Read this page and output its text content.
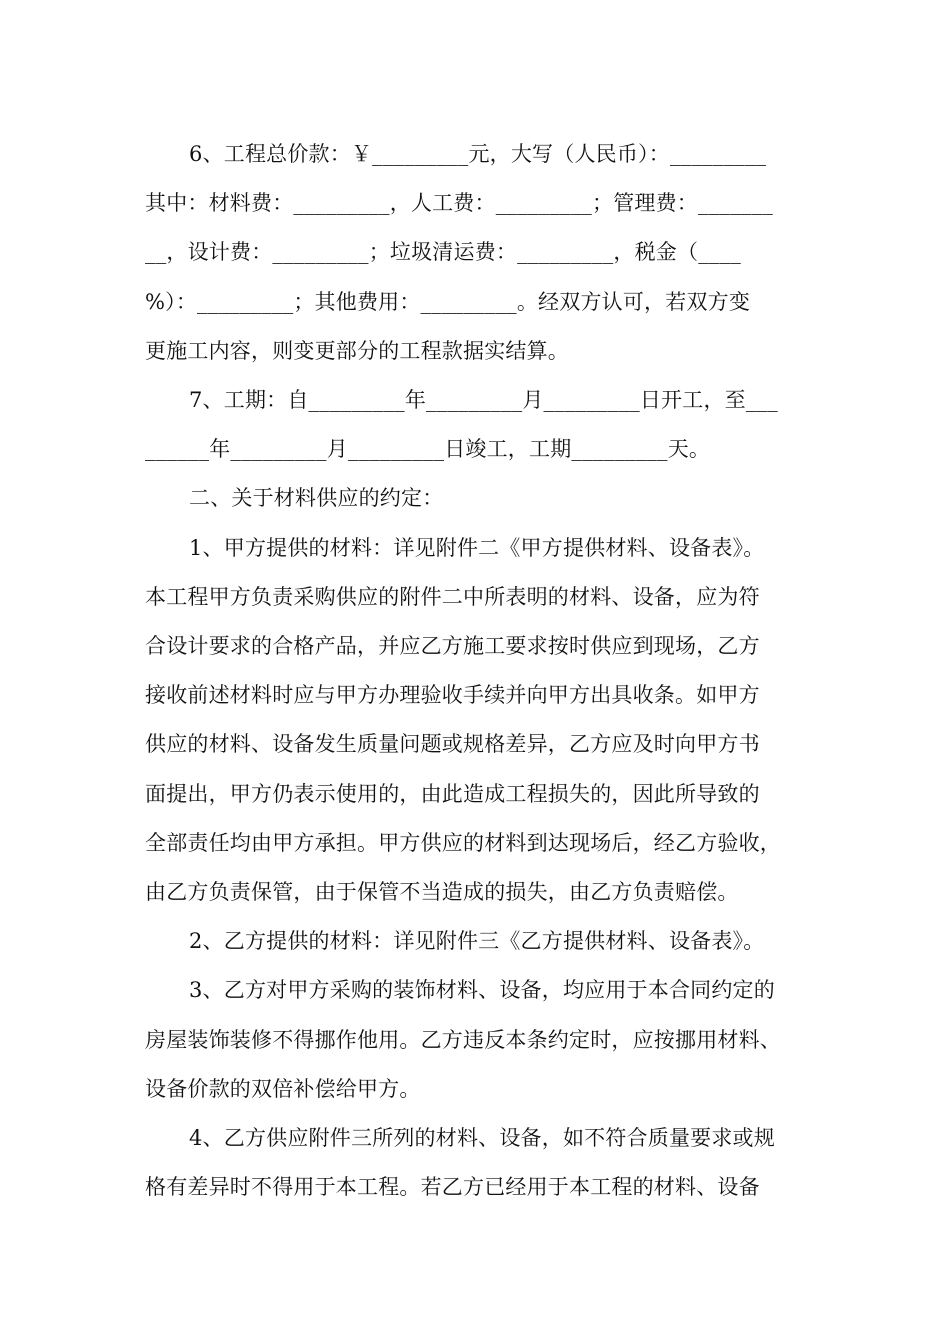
6、工程总价款：￥_________元，大写（人民币）：_________
其中：材料费：_________，人工费：_________；管理费：_______
__，设计费：_________；垃圾清运费：_________，税金（____
%）：_________；其他费用：_________。经双方认可，若双方变
更施工内容，则变更部分的工程款据实结算。
7、工期：自_________年_________月_________日开工，至___
______年_________月_________日竣工，工期_________天。
二、关于材料供应的约定：
1、甲方提供的材料：详见附件二《甲方提供材料、设备表》。
本工程甲方负责采购供应的附件二中所表明的材料、设备，应为符
合设计要求的合格产品，并应乙方施工要求按时供应到现场，乙方
接收前述材料时应与甲方办理验收手续并向甲方出具收条。如甲方
供应的材料、设备发生质量问题或规格差异，乙方应及时向甲方书
面提出，甲方仍表示使用的，由此造成工程损失的，因此所导致的
全部责任均由甲方承担。甲方供应的材料到达现场后，经乙方验收，
由乙方负责保管，由于保管不当造成的损失，由乙方负责赔偿。
2、乙方提供的材料：详见附件三《乙方提供材料、设备表》。
3、乙方对甲方采购的装饰材料、设备，均应用于本合同约定的
房屋装饰装修不得挪作他用。乙方违反本条约定时，应按挪用材料、
设备价款的双倍补偿给甲方。
4、乙方供应附件三所列的材料、设备，如不符合质量要求或规
格有差异时不得用于本工程。若乙方已经用于本工程的材料、设备
